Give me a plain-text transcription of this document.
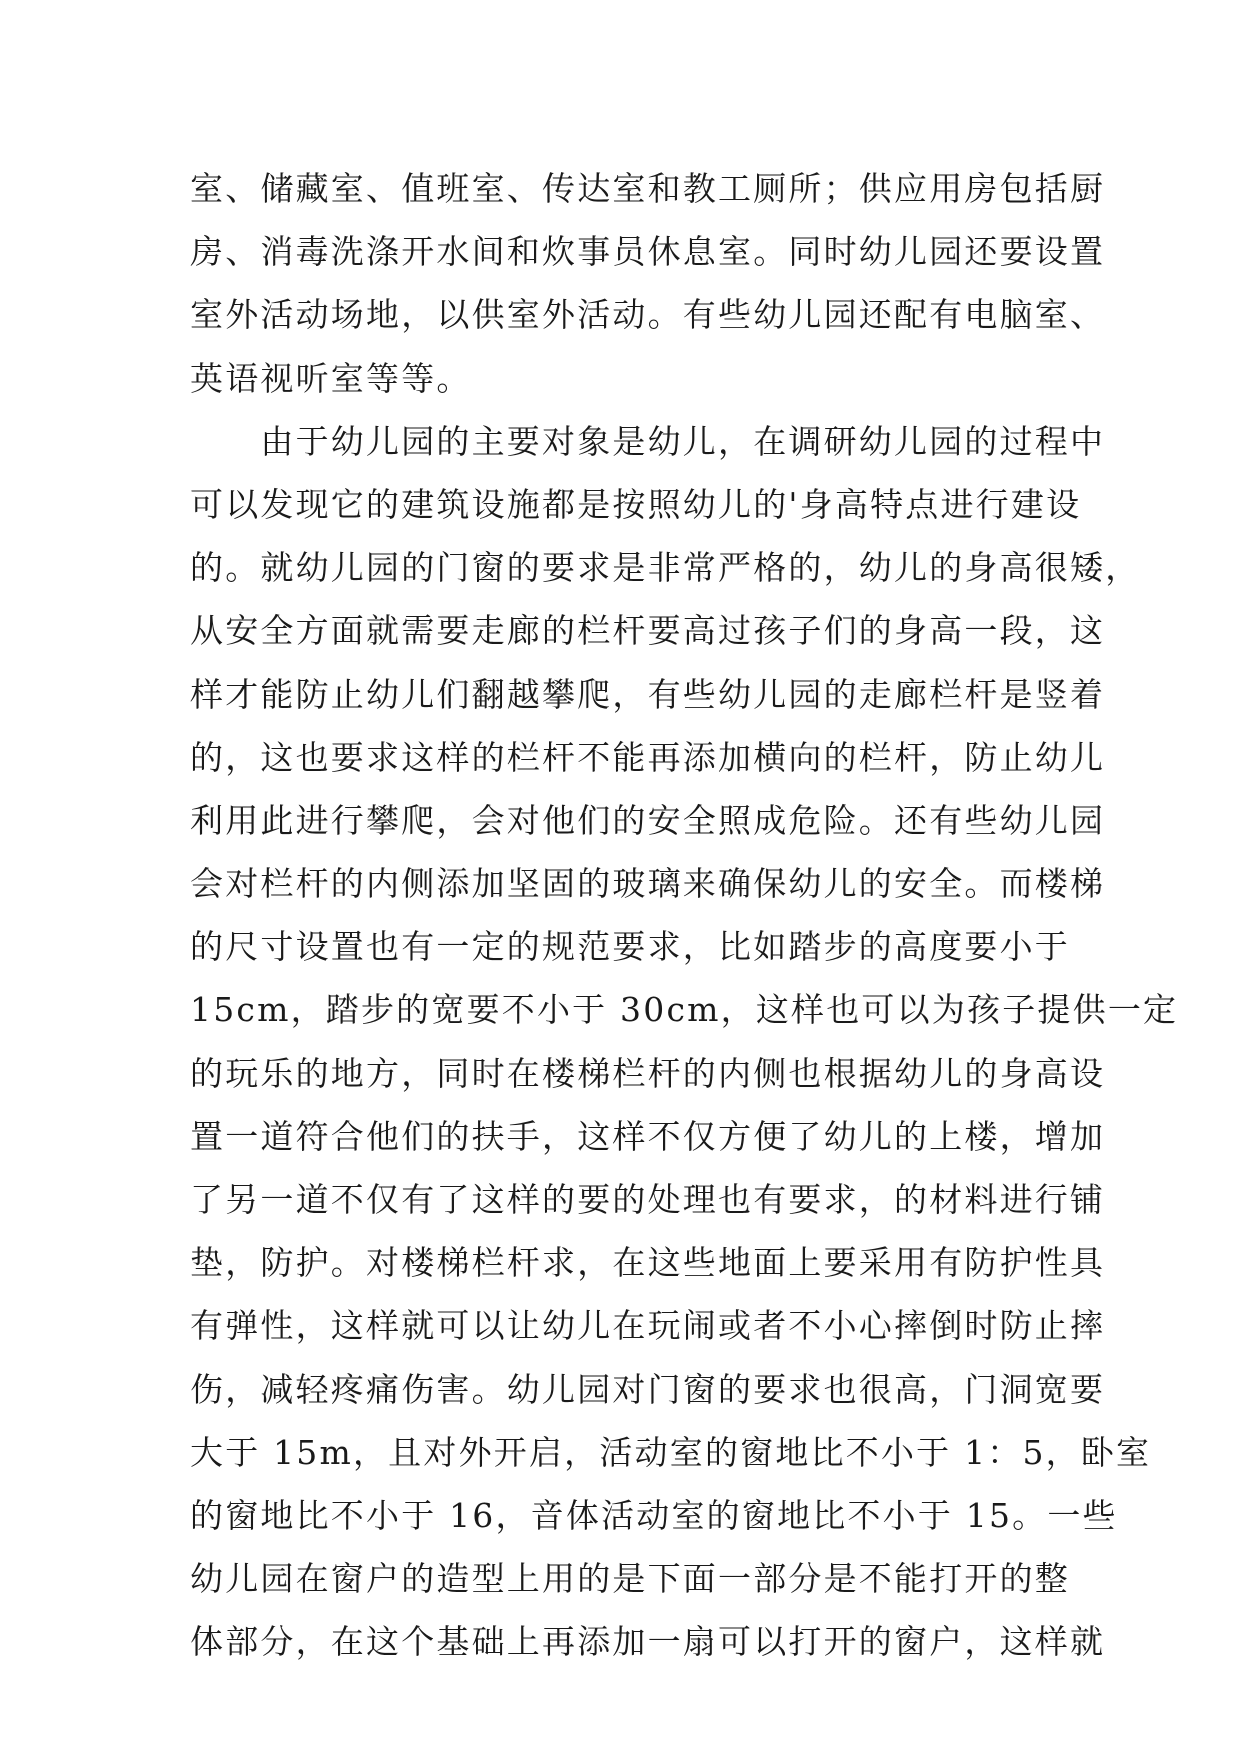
室、储藏室、值班室、传达室和教工厕所；供应用房包括厨
房、消毒洗涤开水间和炊事员休息室。同时幼儿园还要设置
室外活动场地，以供室外活动。有些幼儿园还配有电脑室、
英语视听室等等。
　　由于幼儿园的主要对象是幼儿，在调研幼儿园的过程中
可以发现它的建筑设施都是按照幼儿的'身高特点进行建设
的。就幼儿园的门窗的要求是非常严格的，幼儿的身高很矮，
从安全方面就需要走廊的栏杆要高过孩子们的身高一段，这
样才能防止幼儿们翻越攀爬，有些幼儿园的走廊栏杆是竖着
的，这也要求这样的栏杆不能再添加横向的栏杆，防止幼儿
利用此进行攀爬，会对他们的安全照成危险。还有些幼儿园
会对栏杆的内侧添加坚固的玻璃来确保幼儿的安全。而楼梯
的尺寸设置也有一定的规范要求，比如踏步的高度要小于
15cm，踏步的宽要不小于 30cm，这样也可以为孩子提供一定
的玩乐的地方，同时在楼梯栏杆的内侧也根据幼儿的身高设
置一道符合他们的扶手，这样不仅方便了幼儿的上楼，增加
了另一道不仅有了这样的要的处理也有要求，的材料进行铺
垫，防护。对楼梯栏杆求，在这些地面上要采用有防护性具
有弹性，这样就可以让幼儿在玩闹或者不小心摔倒时防止摔
伤，减轻疼痛伤害。幼儿园对门窗的要求也很高，门洞宽要
大于 15m，且对外开启，活动室的窗地比不小于 1：5，卧室
的窗地比不小于 16，音体活动室的窗地比不小于 15。一些
幼儿园在窗户的造型上用的是下面一部分是不能打开的整
体部分，在这个基础上再添加一扇可以打开的窗户，这样就
